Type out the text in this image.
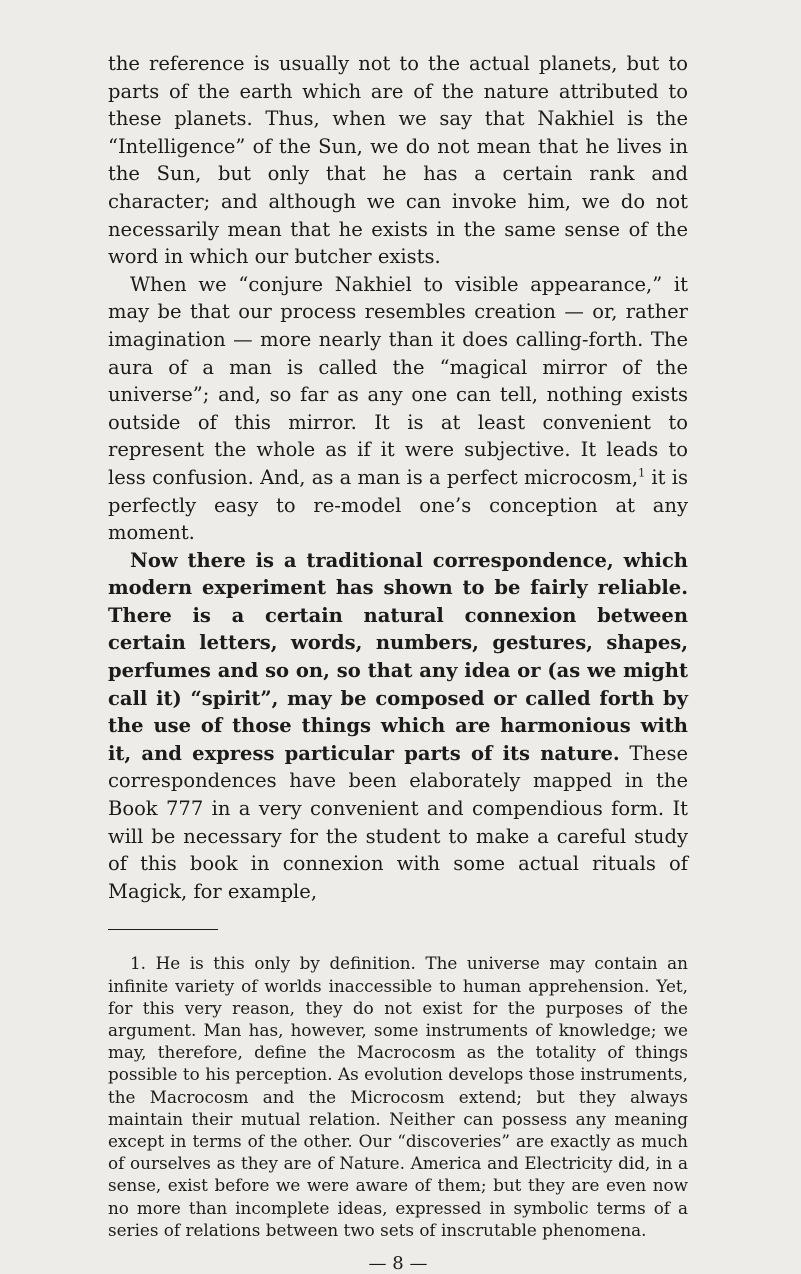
the reference is usually not to the actual planets, but to parts of the earth which are of the nature attributed to these planets. Thus, when we say that Nakhiel is the “Intelligence” of the Sun, we do not mean that he lives in the Sun, but only that he has a certain rank and character; and although we can invoke him, we do not necessarily mean that he exists in the same sense of the word in which our butcher exists.

When we “conjure Nakhiel to visible appearance,” it may be that our process resembles creation — or, rather imagination — more nearly than it does calling-forth. The aura of a man is called the “magical mirror of the universe”; and, so far as any one can tell, nothing exists outside of this mirror. It is at least convenient to represent the whole as if it were subjective. It leads to less confusion. And, as a man is a perfect microcosm,$^1$ it is perfectly easy to re-model one’s conception at any moment.

Now there is a traditional correspondence, which modern experiment has shown to be fairly reliable. There is a certain natural connexion between certain letters, words, numbers, gestures, shapes, perfumes and so on, so that any idea or (as we might call it) “spirit”, may be composed or called forth by the use of those things which are harmonious with it, and express particular parts of its nature. These correspondences have been elaborately mapped in the Book 777 in a very convenient and compendious form. It will be necessary for the student to make a careful study of this book in connexion with some actual rituals of Magick, for example,

1. He is this only by definition. The universe may contain an infinite variety of worlds inaccessible to human apprehension. Yet, for this very reason, they do not exist for the purposes of the argument. Man has, however, some instruments of knowledge; we may, therefore, define the Macrocosm as the totality of things possible to his perception. As evolution develops those instruments, the Macrocosm and the Microcosm extend; but they always maintain their mutual relation. Neither can possess any meaning except in terms of the other. Our “discoveries” are exactly as much of ourselves as they are of Nature. America and Electricity did, in a sense, exist before we were aware of them; but they are even now no more than incomplete ideas, expressed in symbolic terms of a series of relations between two sets of inscrutable phenomena.

— 8 —
